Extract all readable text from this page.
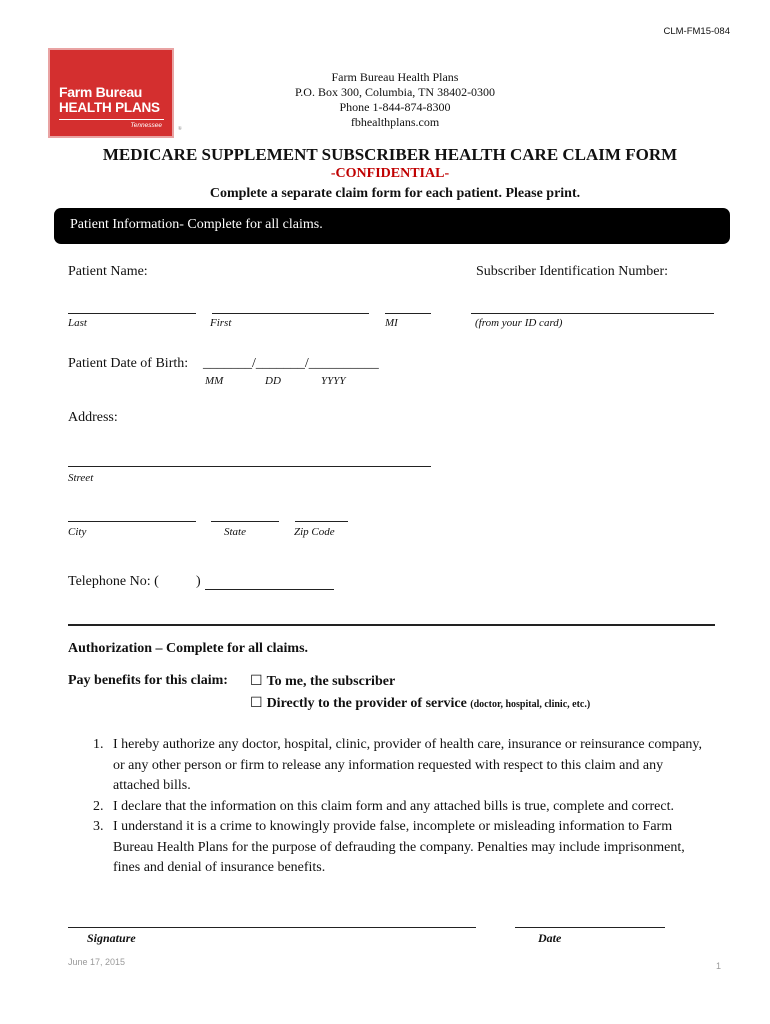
CLM-FM15-084
Farm Bureau
HEALTH PLANS
Tennessee
®
Farm Bureau Health Plans
P.O. Box 300, Columbia, TN 38402-0300
Phone 1-844-874-8300
fbhealthplans.com
MEDICARE SUPPLEMENT SUBSCRIBER HEALTH CARE CLAIM FORM
-CONFIDENTIAL-
Complete a separate claim form for each patient. Please print.
Patient Information- Complete for all claims.
Patient Name:	Subscriber Identification Number:
Last	First	MI	(from your ID card)
Patient Date of Birth: _______/_______/__________
MM	DD	YYYY
Address:
Street
City	State	Zip Code
Telephone No: (	)
Authorization – Complete for all claims.
Pay benefits for this claim: ☐ To me, the subscriber
☐ Directly to the provider of service (doctor, hospital, clinic, etc.)
1. I hereby authorize any doctor, hospital, clinic, provider of health care, insurance or reinsurance company, or any other person or firm to release any information requested with respect to this claim and any attached bills.
2. I declare that the information on this claim form and any attached bills is true, complete and correct.
3. I understand it is a crime to knowingly provide false, incomplete or misleading information to Farm Bureau Health Plans for the purpose of defrauding the company. Penalties may include imprisonment, fines and denial of insurance benefits.
Signature	Date
June 17, 2015	1
